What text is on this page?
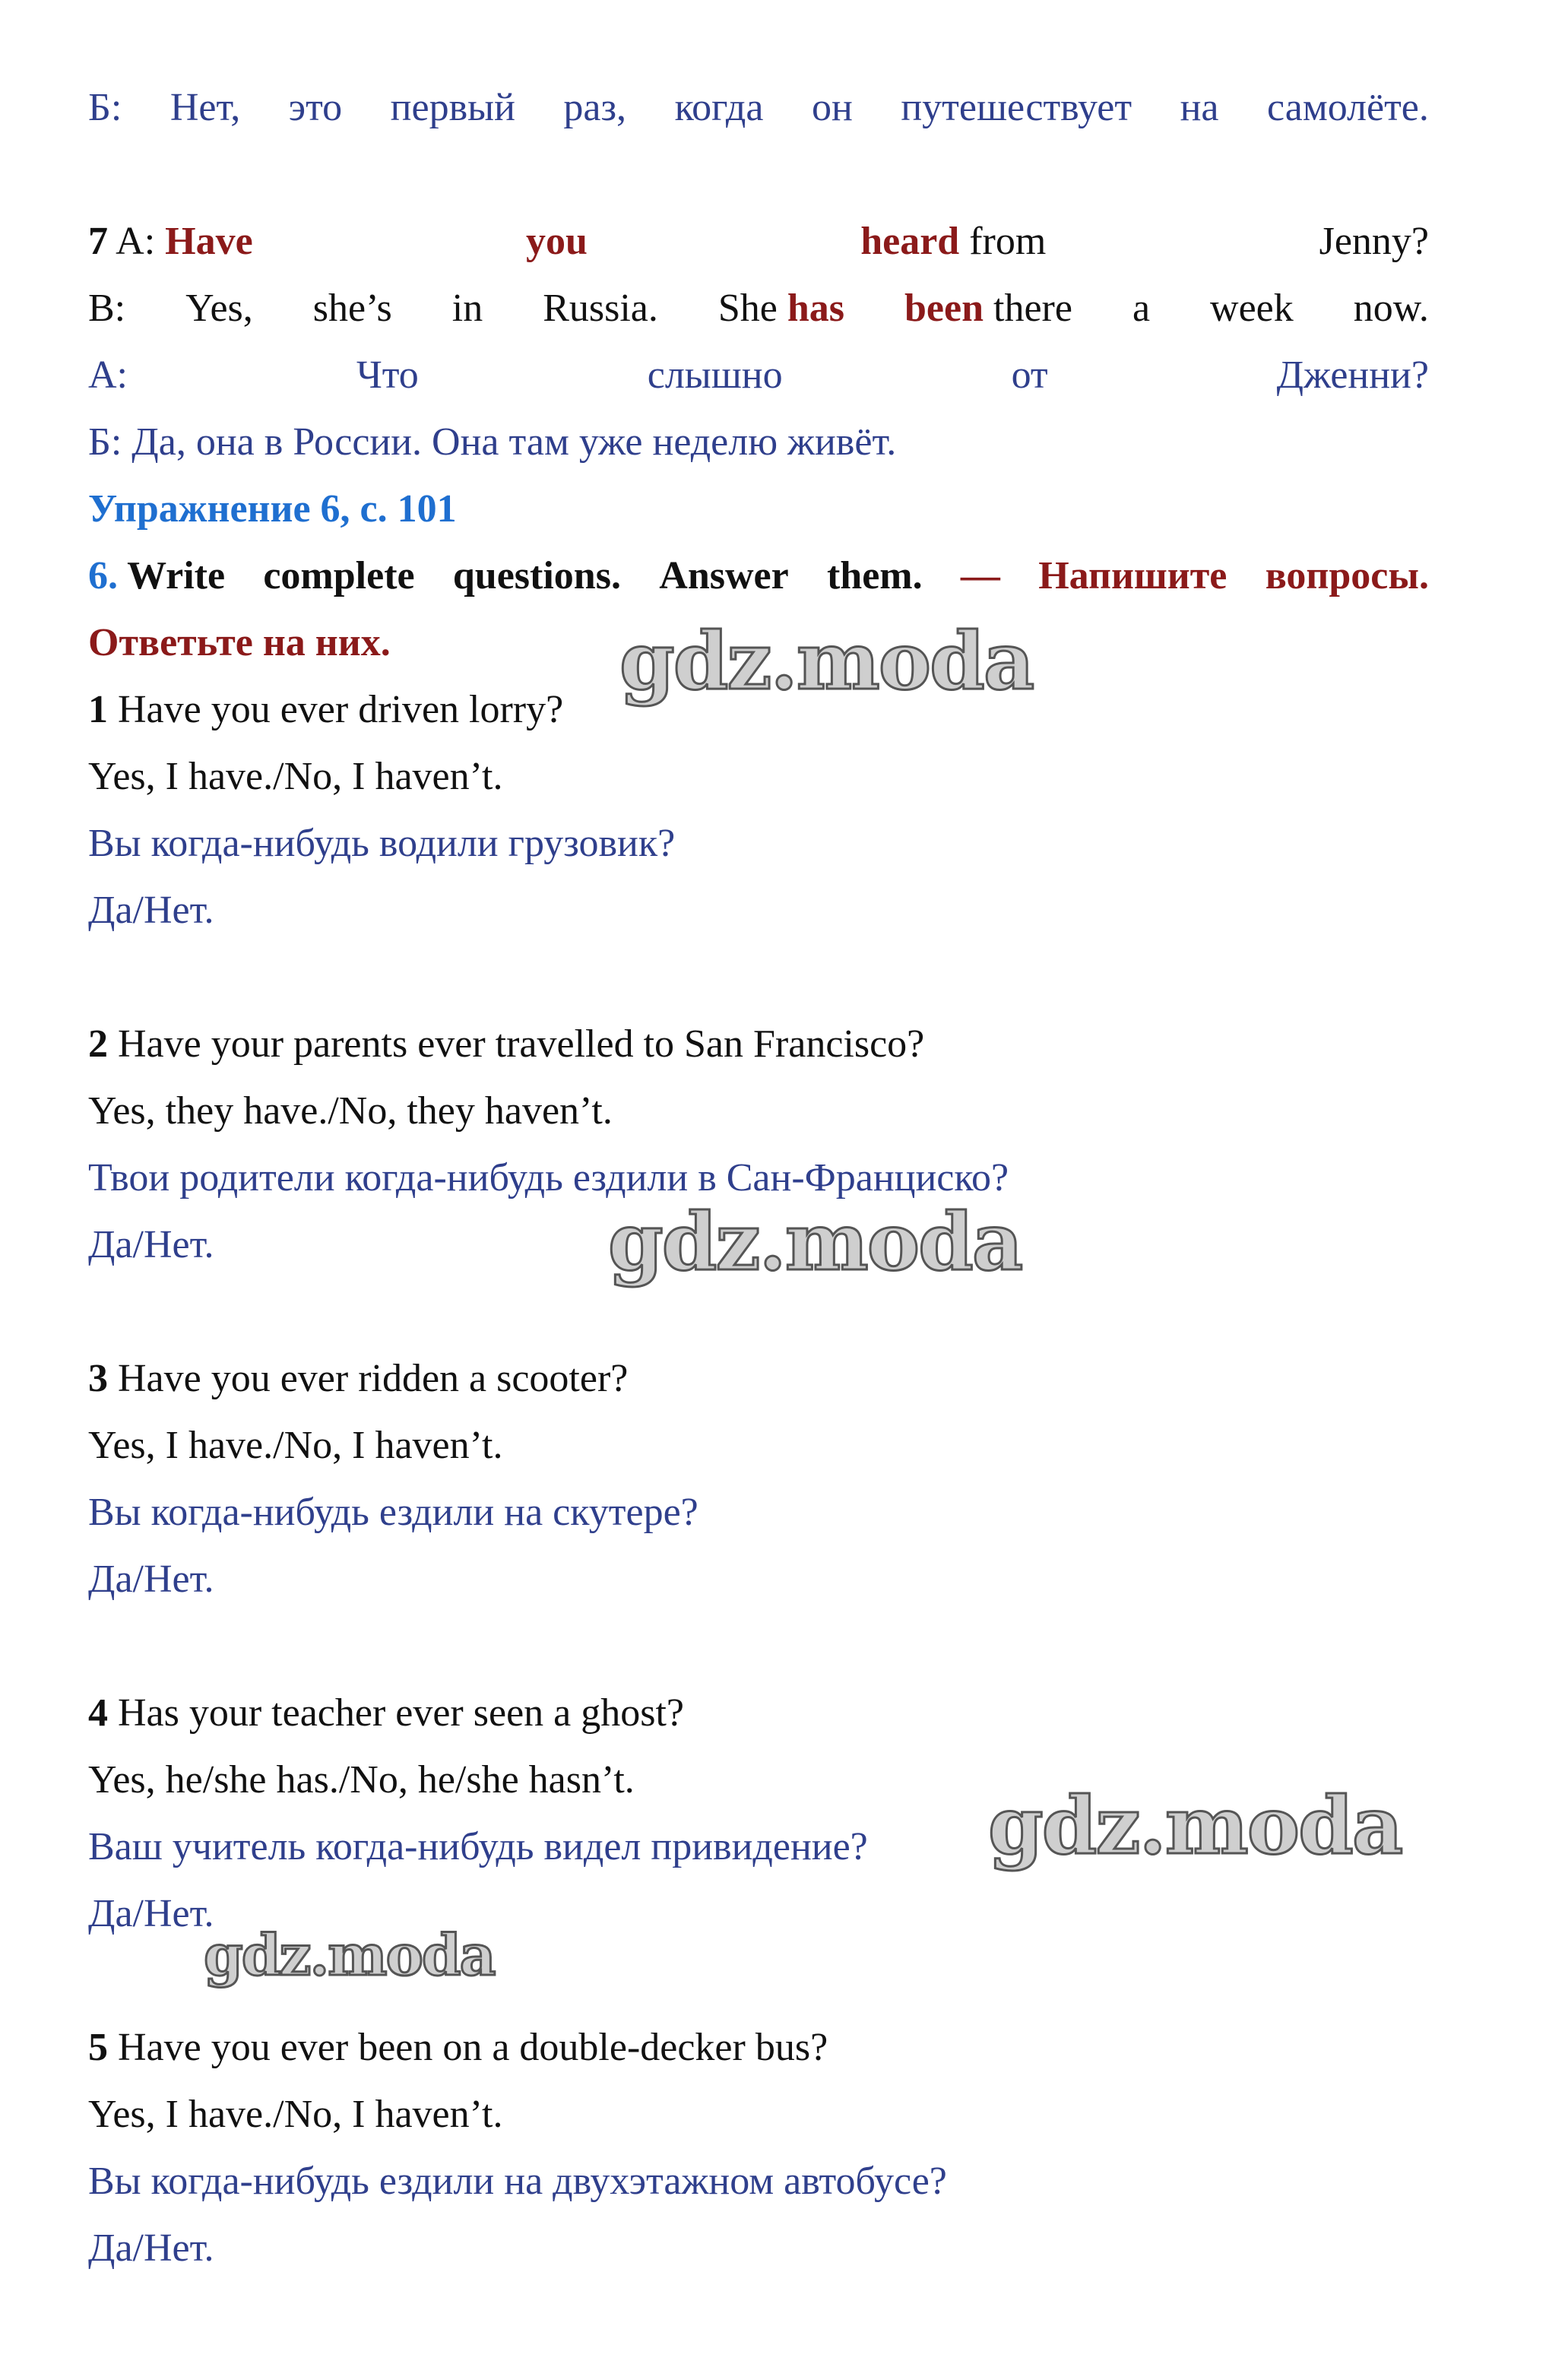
Б: Нет, это первый раз, когда он путешествует на самолёте.
7 A: Have	you	heard from	Jenny?
B: Yes, she’s in Russia. She has been there a week now.
А:	Что	слышно	от	Дженни?
Б: Да, она в России. Она там уже неделю живёт.
Упражнение 6, с. 101
6. Write complete questions. Answer them. — Напишите вопросы.
Ответьте на них.
1 Have you ever driven lorry?
Yes, I have./No, I haven’t.
Вы когда-нибудь водили грузовик?
Да/Нет.
2 Have your parents ever travelled to San Francisco?
Yes, they have./No, they haven’t.
Твои родители когда-нибудь ездили в Сан-Франциско?
Да/Нет.
3 Have you ever ridden a scooter?
Yes, I have./No, I haven’t.
Вы когда-нибудь ездили на скутере?
Да/Нет.
4 Has your teacher ever seen a ghost?
Yes, he/she has./No, he/she hasn’t.
Ваш учитель когда-нибудь видел привидение?
Да/Нет.
5 Have you ever been on a double-decker bus?
Yes, I have./No, I haven’t.
Вы когда-нибудь ездили на двухэтажном автобусе?
Да/Нет.
gdz.moda
gdz.moda
gdz.moda
gdz.moda
